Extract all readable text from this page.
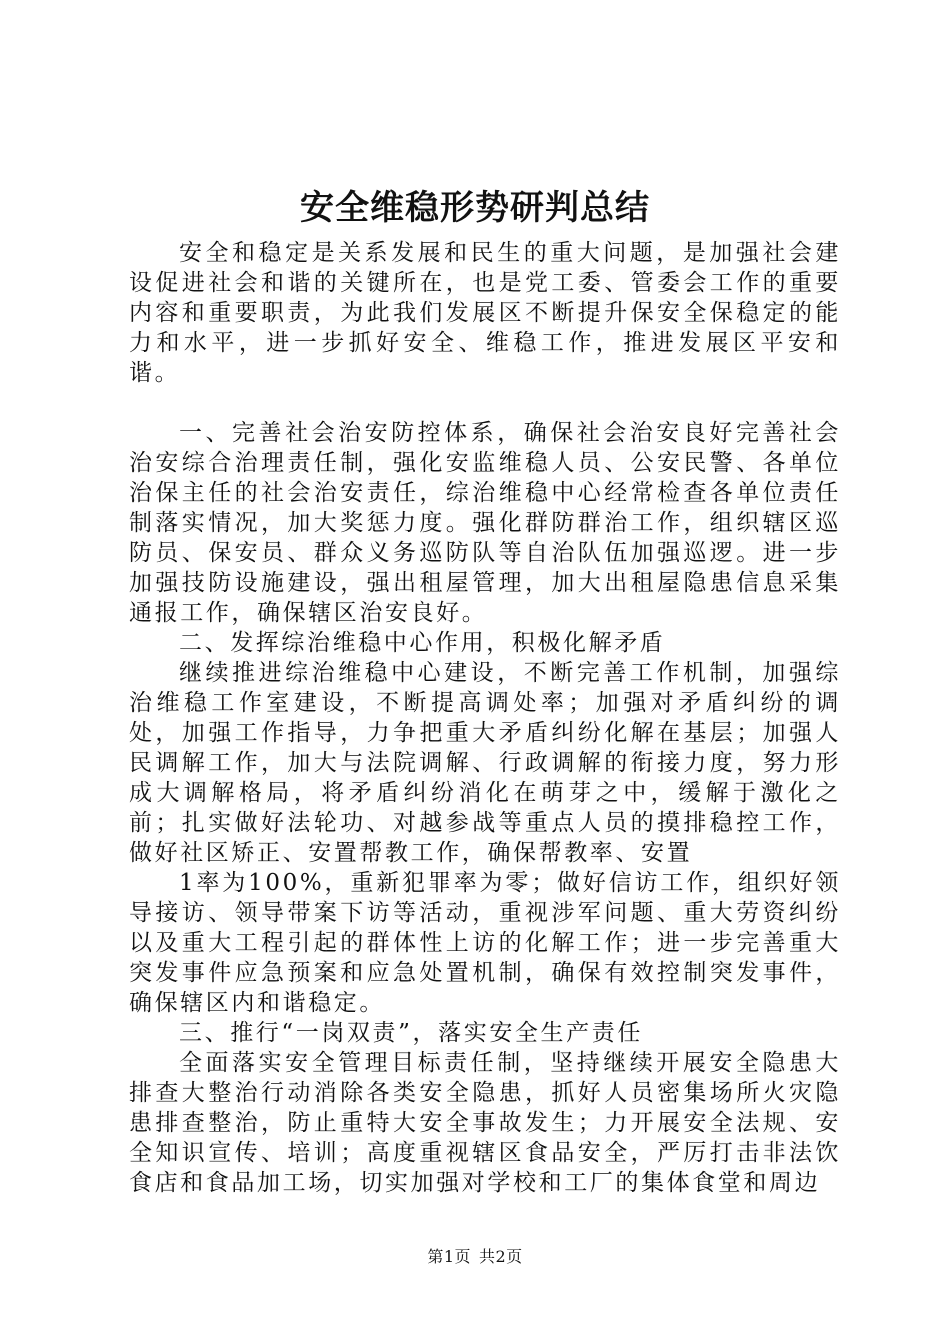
安全维稳形势研判总结

安全和稳定是关系发展和民生的重大问题，是加强社会建设促进社会和谐的关键所在，也是党工委、管委会工作的重要内容和重要职责，为此我们发展区不断提升保安全保稳定的能力和水平，进一步抓好安全、维稳工作，推进发展区平安和谐。

一、完善社会治安防控体系，确保社会治安良好完善社会治安综合治理责任制，强化安监维稳人员、公安民警、各单位治保主任的社会治安责任，综治维稳中心经常检查各单位责任制落实情况，加大奖惩力度。强化群防群治工作，组织辖区巡防员、保安员、群众义务巡防队等自治队伍加强巡逻。进一步加强技防设施建设，强出租屋管理，加大出租屋隐患信息采集通报工作，确保辖区治安良好。

二、发挥综治维稳中心作用，积极化解矛盾

继续推进综治维稳中心建设，不断完善工作机制，加强综治维稳工作室建设，不断提高调处率；加强对矛盾纠纷的调处，加强工作指导，力争把重大矛盾纠纷化解在基层；加强人民调解工作，加大与法院调解、行政调解的衔接力度，努力形成大调解格局，将矛盾纠纷消化在萌芽之中，缓解于激化之前；扎实做好法轮功、对越参战等重点人员的摸排稳控工作，做好社区矫正、安置帮教工作，确保帮教率、安置

1率为100%，重新犯罪率为零；做好信访工作，组织好领导接访、领导带案下访等活动，重视涉军问题、重大劳资纠纷以及重大工程引起的群体性上访的化解工作；进一步完善重大突发事件应急预案和应急处置机制，确保有效控制突发事件，确保辖区内和谐稳定。

三、推行“一岗双责”，落实安全生产责任

全面落实安全管理目标责任制，坚持继续开展安全隐患大排查大整治行动消除各类安全隐患，抓好人员密集场所火灾隐患排查整治，防止重特大安全事故发生；力开展安全法规、安全知识宣传、培训；高度重视辖区食品安全，严厉打击非法饮食店和食品加工场，切实加强对学校和工厂的集体食堂和周边

第1页 共2页
